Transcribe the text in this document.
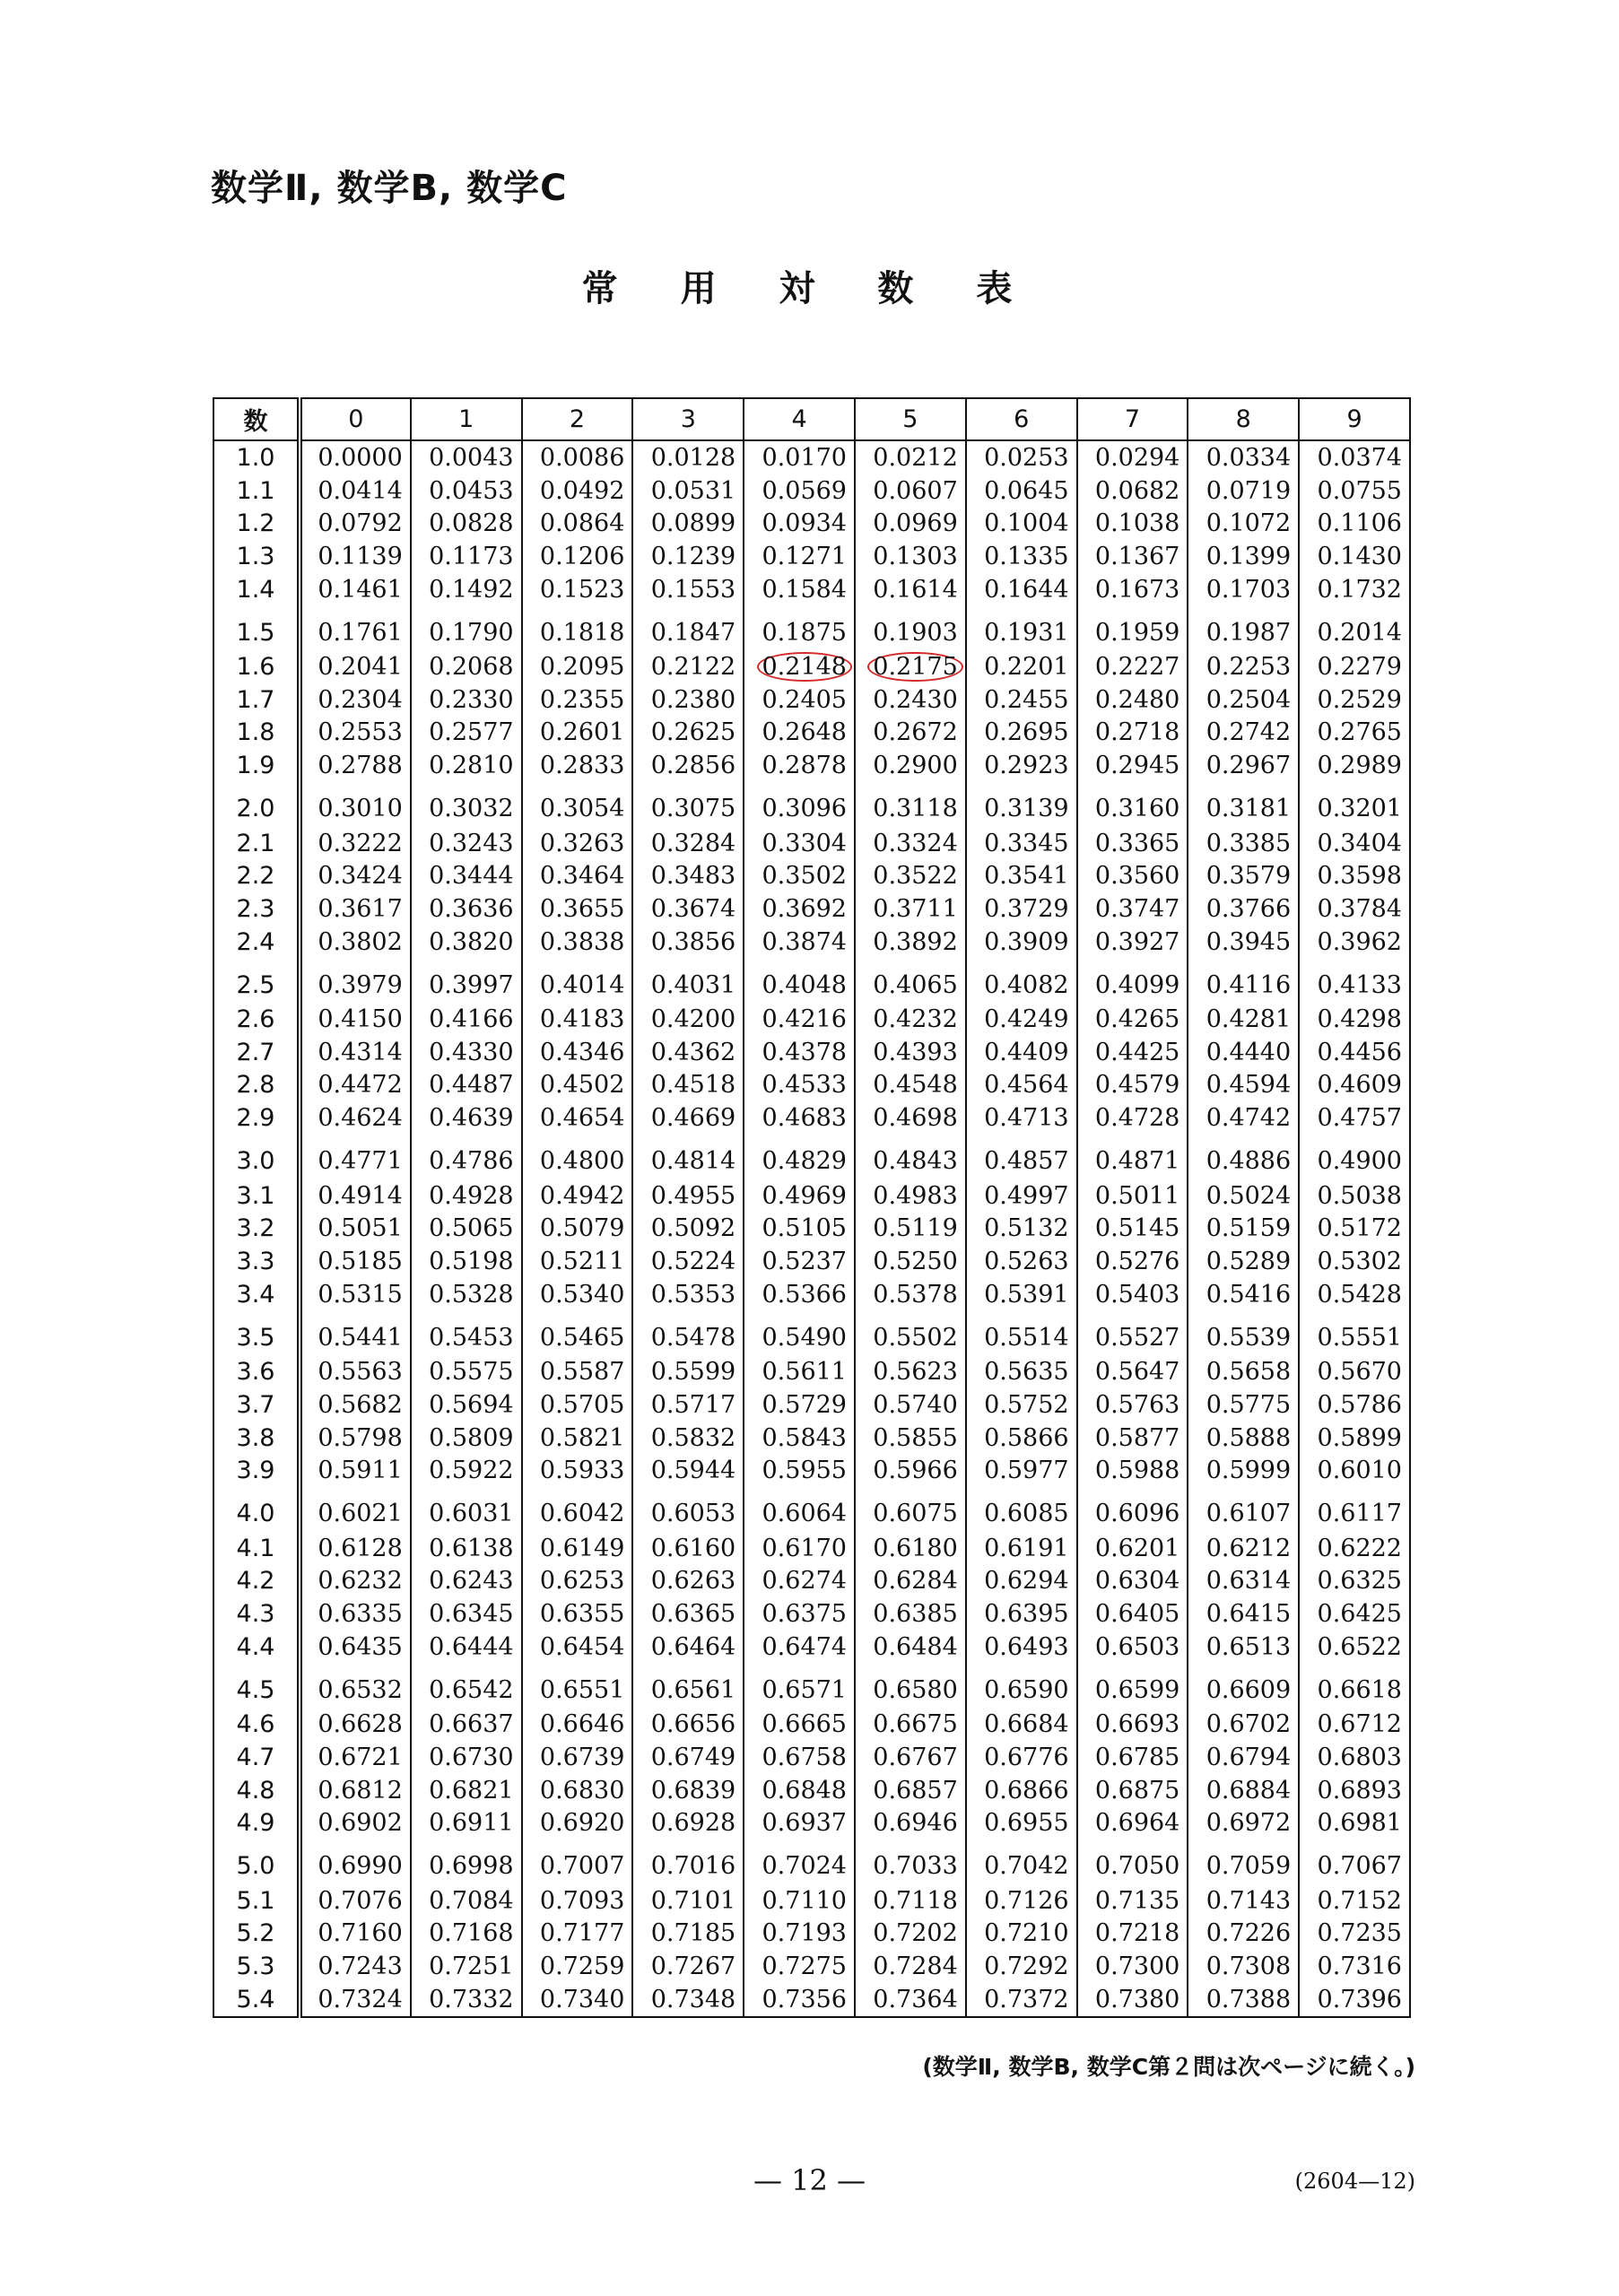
数学Ⅱ, 数学B, 数学C
常 用 対 数 表
数	0	1	2	3	4	5	6	7	8	9
1.0	0.0000	0.0043	0.0086	0.0128	0.0170	0.0212	0.0253	0.0294	0.0334	0.0374
1.1	0.0414	0.0453	0.0492	0.0531	0.0569	0.0607	0.0645	0.0682	0.0719	0.0755
1.2	0.0792	0.0828	0.0864	0.0899	0.0934	0.0969	0.1004	0.1038	0.1072	0.1106
1.3	0.1139	0.1173	0.1206	0.1239	0.1271	0.1303	0.1335	0.1367	0.1399	0.1430
1.4	0.1461	0.1492	0.1523	0.1553	0.1584	0.1614	0.1644	0.1673	0.1703	0.1732
1.5	0.1761	0.1790	0.1818	0.1847	0.1875	0.1903	0.1931	0.1959	0.1987	0.2014
1.6	0.2041	0.2068	0.2095	0.2122	0.2148	0.2175	0.2201	0.2227	0.2253	0.2279
1.7	0.2304	0.2330	0.2355	0.2380	0.2405	0.2430	0.2455	0.2480	0.2504	0.2529
1.8	0.2553	0.2577	0.2601	0.2625	0.2648	0.2672	0.2695	0.2718	0.2742	0.2765
1.9	0.2788	0.2810	0.2833	0.2856	0.2878	0.2900	0.2923	0.2945	0.2967	0.2989
2.0	0.3010	0.3032	0.3054	0.3075	0.3096	0.3118	0.3139	0.3160	0.3181	0.3201
2.1	0.3222	0.3243	0.3263	0.3284	0.3304	0.3324	0.3345	0.3365	0.3385	0.3404
2.2	0.3424	0.3444	0.3464	0.3483	0.3502	0.3522	0.3541	0.3560	0.3579	0.3598
2.3	0.3617	0.3636	0.3655	0.3674	0.3692	0.3711	0.3729	0.3747	0.3766	0.3784
2.4	0.3802	0.3820	0.3838	0.3856	0.3874	0.3892	0.3909	0.3927	0.3945	0.3962
2.5	0.3979	0.3997	0.4014	0.4031	0.4048	0.4065	0.4082	0.4099	0.4116	0.4133
2.6	0.4150	0.4166	0.4183	0.4200	0.4216	0.4232	0.4249	0.4265	0.4281	0.4298
2.7	0.4314	0.4330	0.4346	0.4362	0.4378	0.4393	0.4409	0.4425	0.4440	0.4456
2.8	0.4472	0.4487	0.4502	0.4518	0.4533	0.4548	0.4564	0.4579	0.4594	0.4609
2.9	0.4624	0.4639	0.4654	0.4669	0.4683	0.4698	0.4713	0.4728	0.4742	0.4757
3.0	0.4771	0.4786	0.4800	0.4814	0.4829	0.4843	0.4857	0.4871	0.4886	0.4900
3.1	0.4914	0.4928	0.4942	0.4955	0.4969	0.4983	0.4997	0.5011	0.5024	0.5038
3.2	0.5051	0.5065	0.5079	0.5092	0.5105	0.5119	0.5132	0.5145	0.5159	0.5172
3.3	0.5185	0.5198	0.5211	0.5224	0.5237	0.5250	0.5263	0.5276	0.5289	0.5302
3.4	0.5315	0.5328	0.5340	0.5353	0.5366	0.5378	0.5391	0.5403	0.5416	0.5428
3.5	0.5441	0.5453	0.5465	0.5478	0.5490	0.5502	0.5514	0.5527	0.5539	0.5551
3.6	0.5563	0.5575	0.5587	0.5599	0.5611	0.5623	0.5635	0.5647	0.5658	0.5670
3.7	0.5682	0.5694	0.5705	0.5717	0.5729	0.5740	0.5752	0.5763	0.5775	0.5786
3.8	0.5798	0.5809	0.5821	0.5832	0.5843	0.5855	0.5866	0.5877	0.5888	0.5899
3.9	0.5911	0.5922	0.5933	0.5944	0.5955	0.5966	0.5977	0.5988	0.5999	0.6010
4.0	0.6021	0.6031	0.6042	0.6053	0.6064	0.6075	0.6085	0.6096	0.6107	0.6117
4.1	0.6128	0.6138	0.6149	0.6160	0.6170	0.6180	0.6191	0.6201	0.6212	0.6222
4.2	0.6232	0.6243	0.6253	0.6263	0.6274	0.6284	0.6294	0.6304	0.6314	0.6325
4.3	0.6335	0.6345	0.6355	0.6365	0.6375	0.6385	0.6395	0.6405	0.6415	0.6425
4.4	0.6435	0.6444	0.6454	0.6464	0.6474	0.6484	0.6493	0.6503	0.6513	0.6522
4.5	0.6532	0.6542	0.6551	0.6561	0.6571	0.6580	0.6590	0.6599	0.6609	0.6618
4.6	0.6628	0.6637	0.6646	0.6656	0.6665	0.6675	0.6684	0.6693	0.6702	0.6712
4.7	0.6721	0.6730	0.6739	0.6749	0.6758	0.6767	0.6776	0.6785	0.6794	0.6803
4.8	0.6812	0.6821	0.6830	0.6839	0.6848	0.6857	0.6866	0.6875	0.6884	0.6893
4.9	0.6902	0.6911	0.6920	0.6928	0.6937	0.6946	0.6955	0.6964	0.6972	0.6981
5.0	0.6990	0.6998	0.7007	0.7016	0.7024	0.7033	0.7042	0.7050	0.7059	0.7067
5.1	0.7076	0.7084	0.7093	0.7101	0.7110	0.7118	0.7126	0.7135	0.7143	0.7152
5.2	0.7160	0.7168	0.7177	0.7185	0.7193	0.7202	0.7210	0.7218	0.7226	0.7235
5.3	0.7243	0.7251	0.7259	0.7267	0.7275	0.7284	0.7292	0.7300	0.7308	0.7316
5.4	0.7324	0.7332	0.7340	0.7348	0.7356	0.7364	0.7372	0.7380	0.7388	0.7396

(数学Ⅱ, 数学B, 数学C第２問は次ページに続く。)

— 12 —	(2604—12)
